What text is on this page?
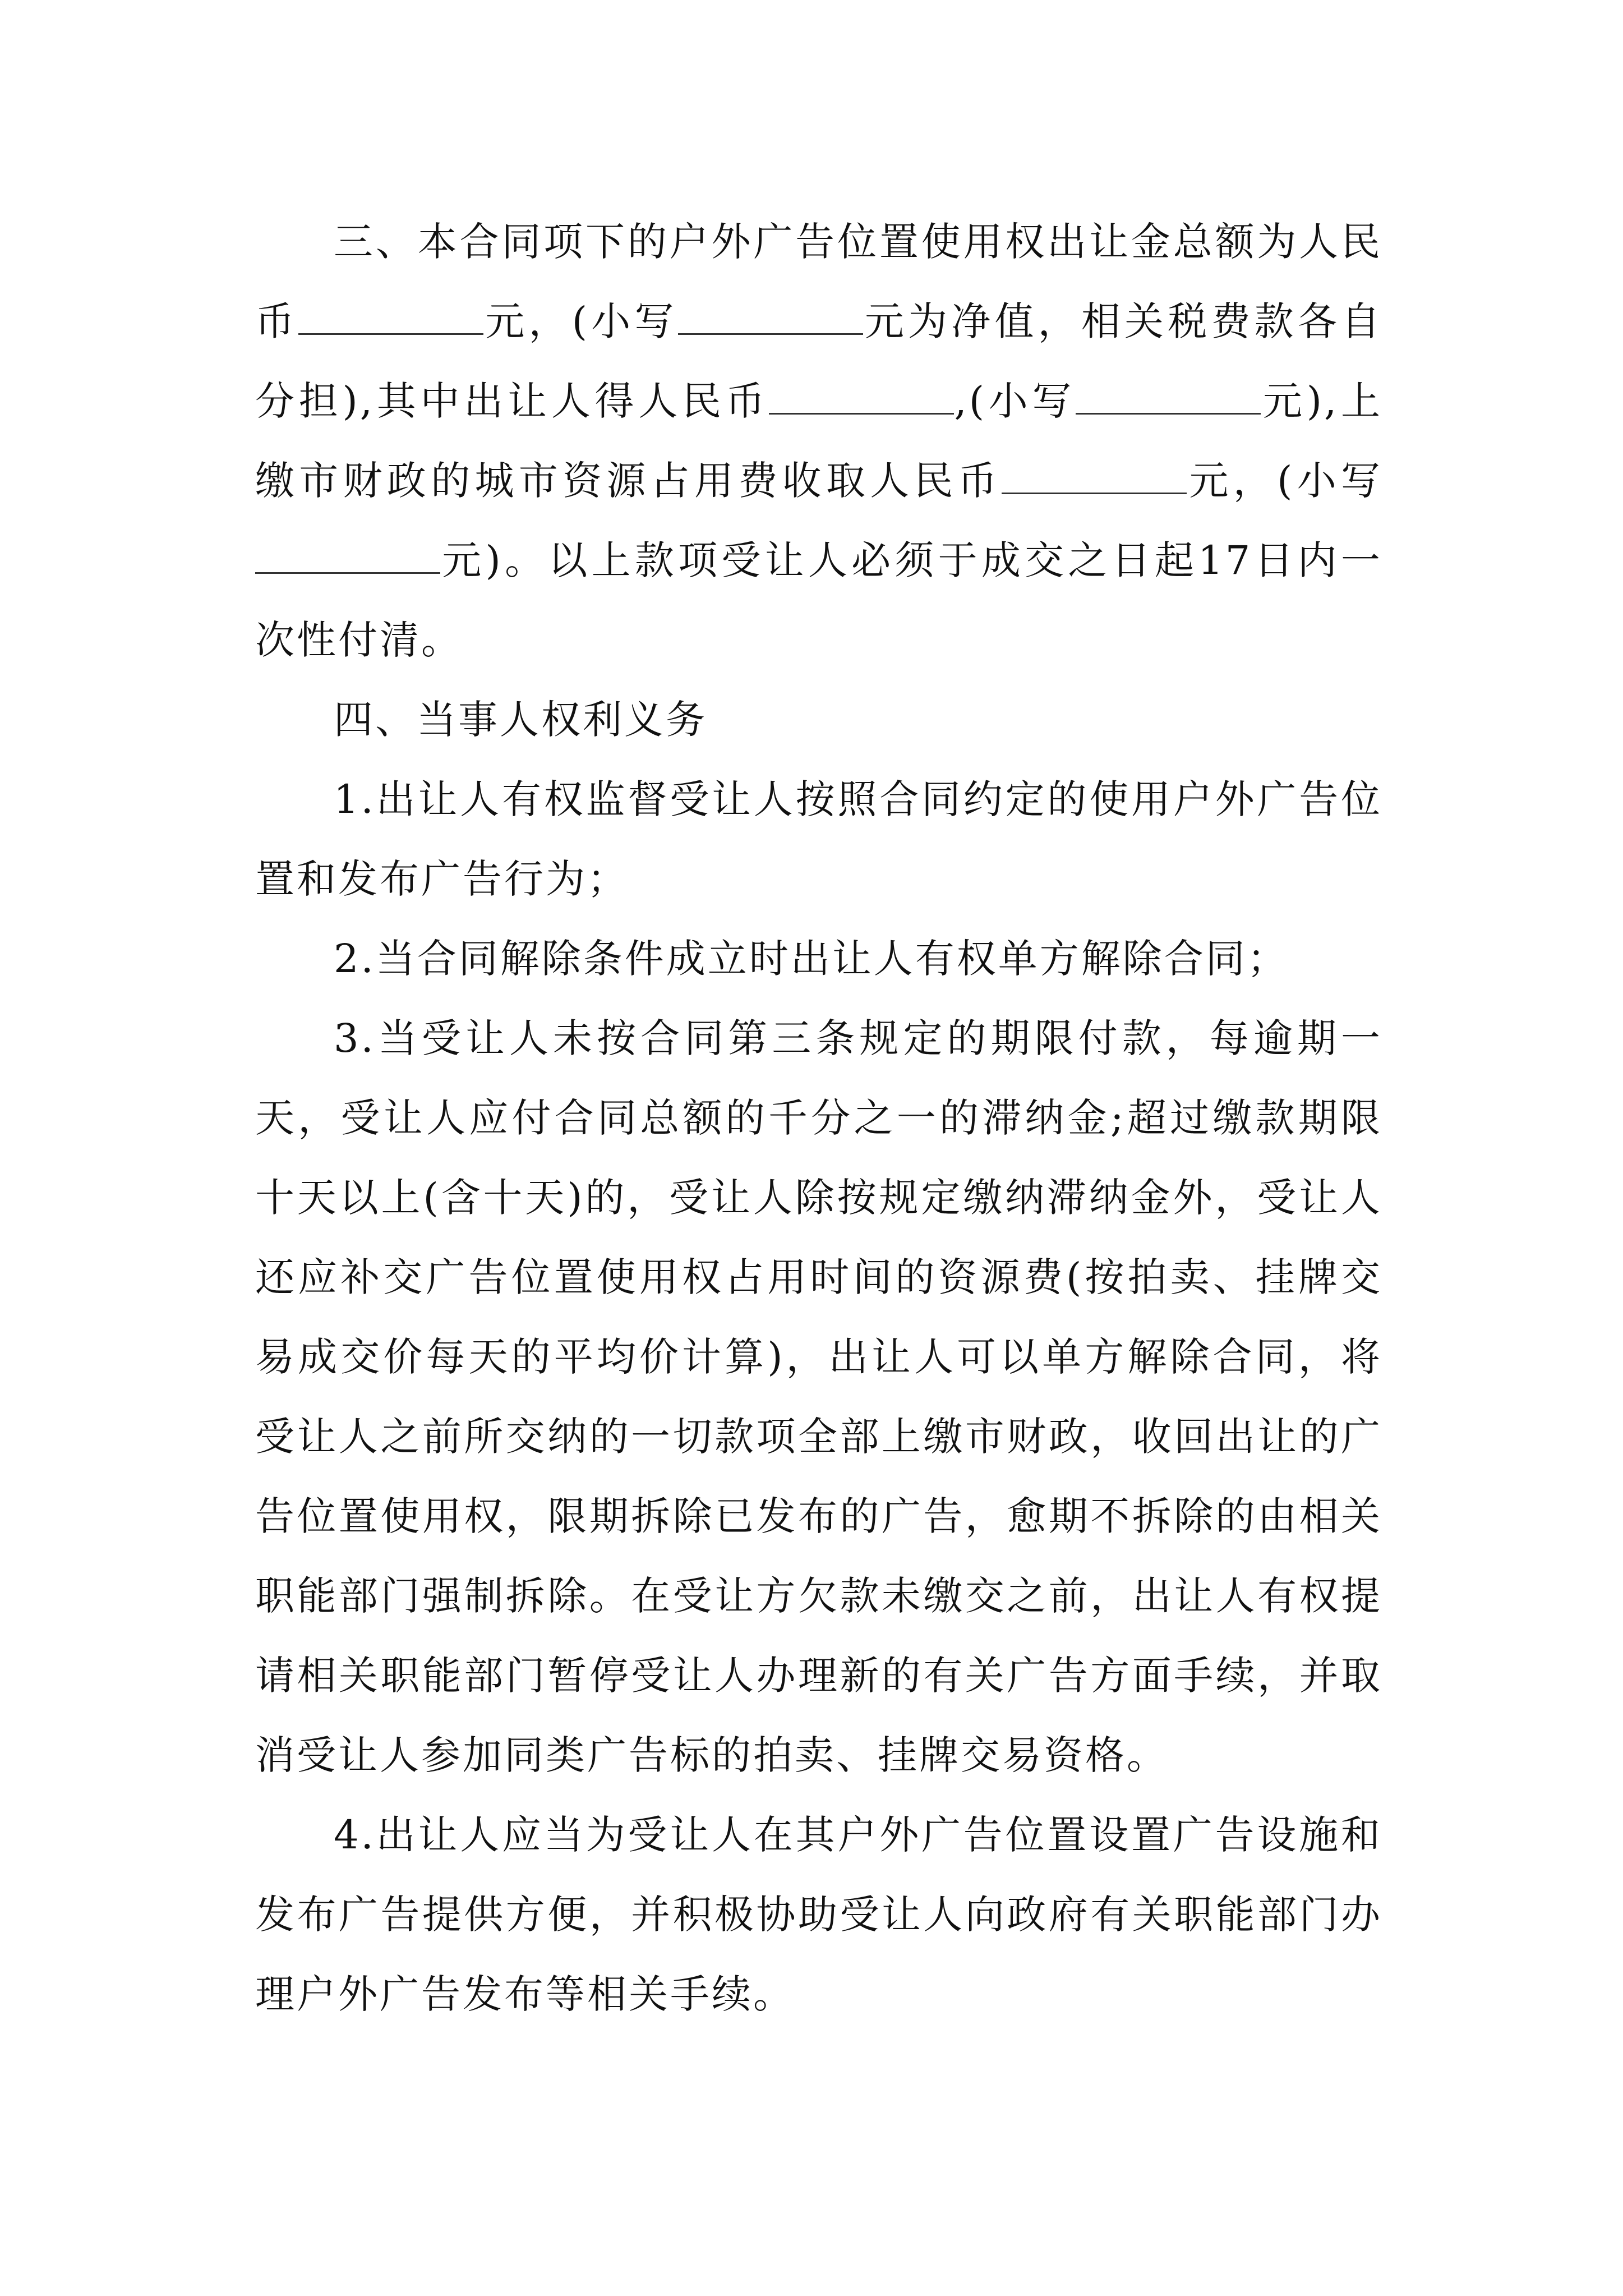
三、本合同项下的户外广告位置使用权出让金总额为人民币	元，(小写	元为净值，相关税费款各自分担),其中出让人得人民币	,(小写	元),上缴市财政的城市资源占用费收取人民币	元，(小写元)。以上款项受让人必须于成交之日起17日内一次性付清。

四、当事人权利义务

1.出让人有权监督受让人按照合同约定的使用户外广告位置和发布广告行为；

2.当合同解除条件成立时出让人有权单方解除合同；

3.当受让人未按合同第三条规定的期限付款，每逾期一天，受让人应付合同总额的千分之一的滞纳金;超过缴款期限十天以上(含十天)的，受让人除按规定缴纳滞纳金外，受让人还应补交广告位置使用权占用时间的资源费(按拍卖、挂牌交易成交价每天的平均价计算)，出让人可以单方解除合同，将受让人之前所交纳的一切款项全部上缴市财政，收回出让的广告位置使用权，限期拆除已发布的广告，愈期不拆除的由相关职能部门强制拆除。在受让方欠款未缴交之前，出让人有权提请相关职能部门暂停受让人办理新的有关广告方面手续，并取消受让人参加同类广告标的拍卖、挂牌交易资格。

4.出让人应当为受让人在其户外广告位置设置广告设施和发布广告提供方便，并积极协助受让人向政府有关职能部门办理户外广告发布等相关手续。
